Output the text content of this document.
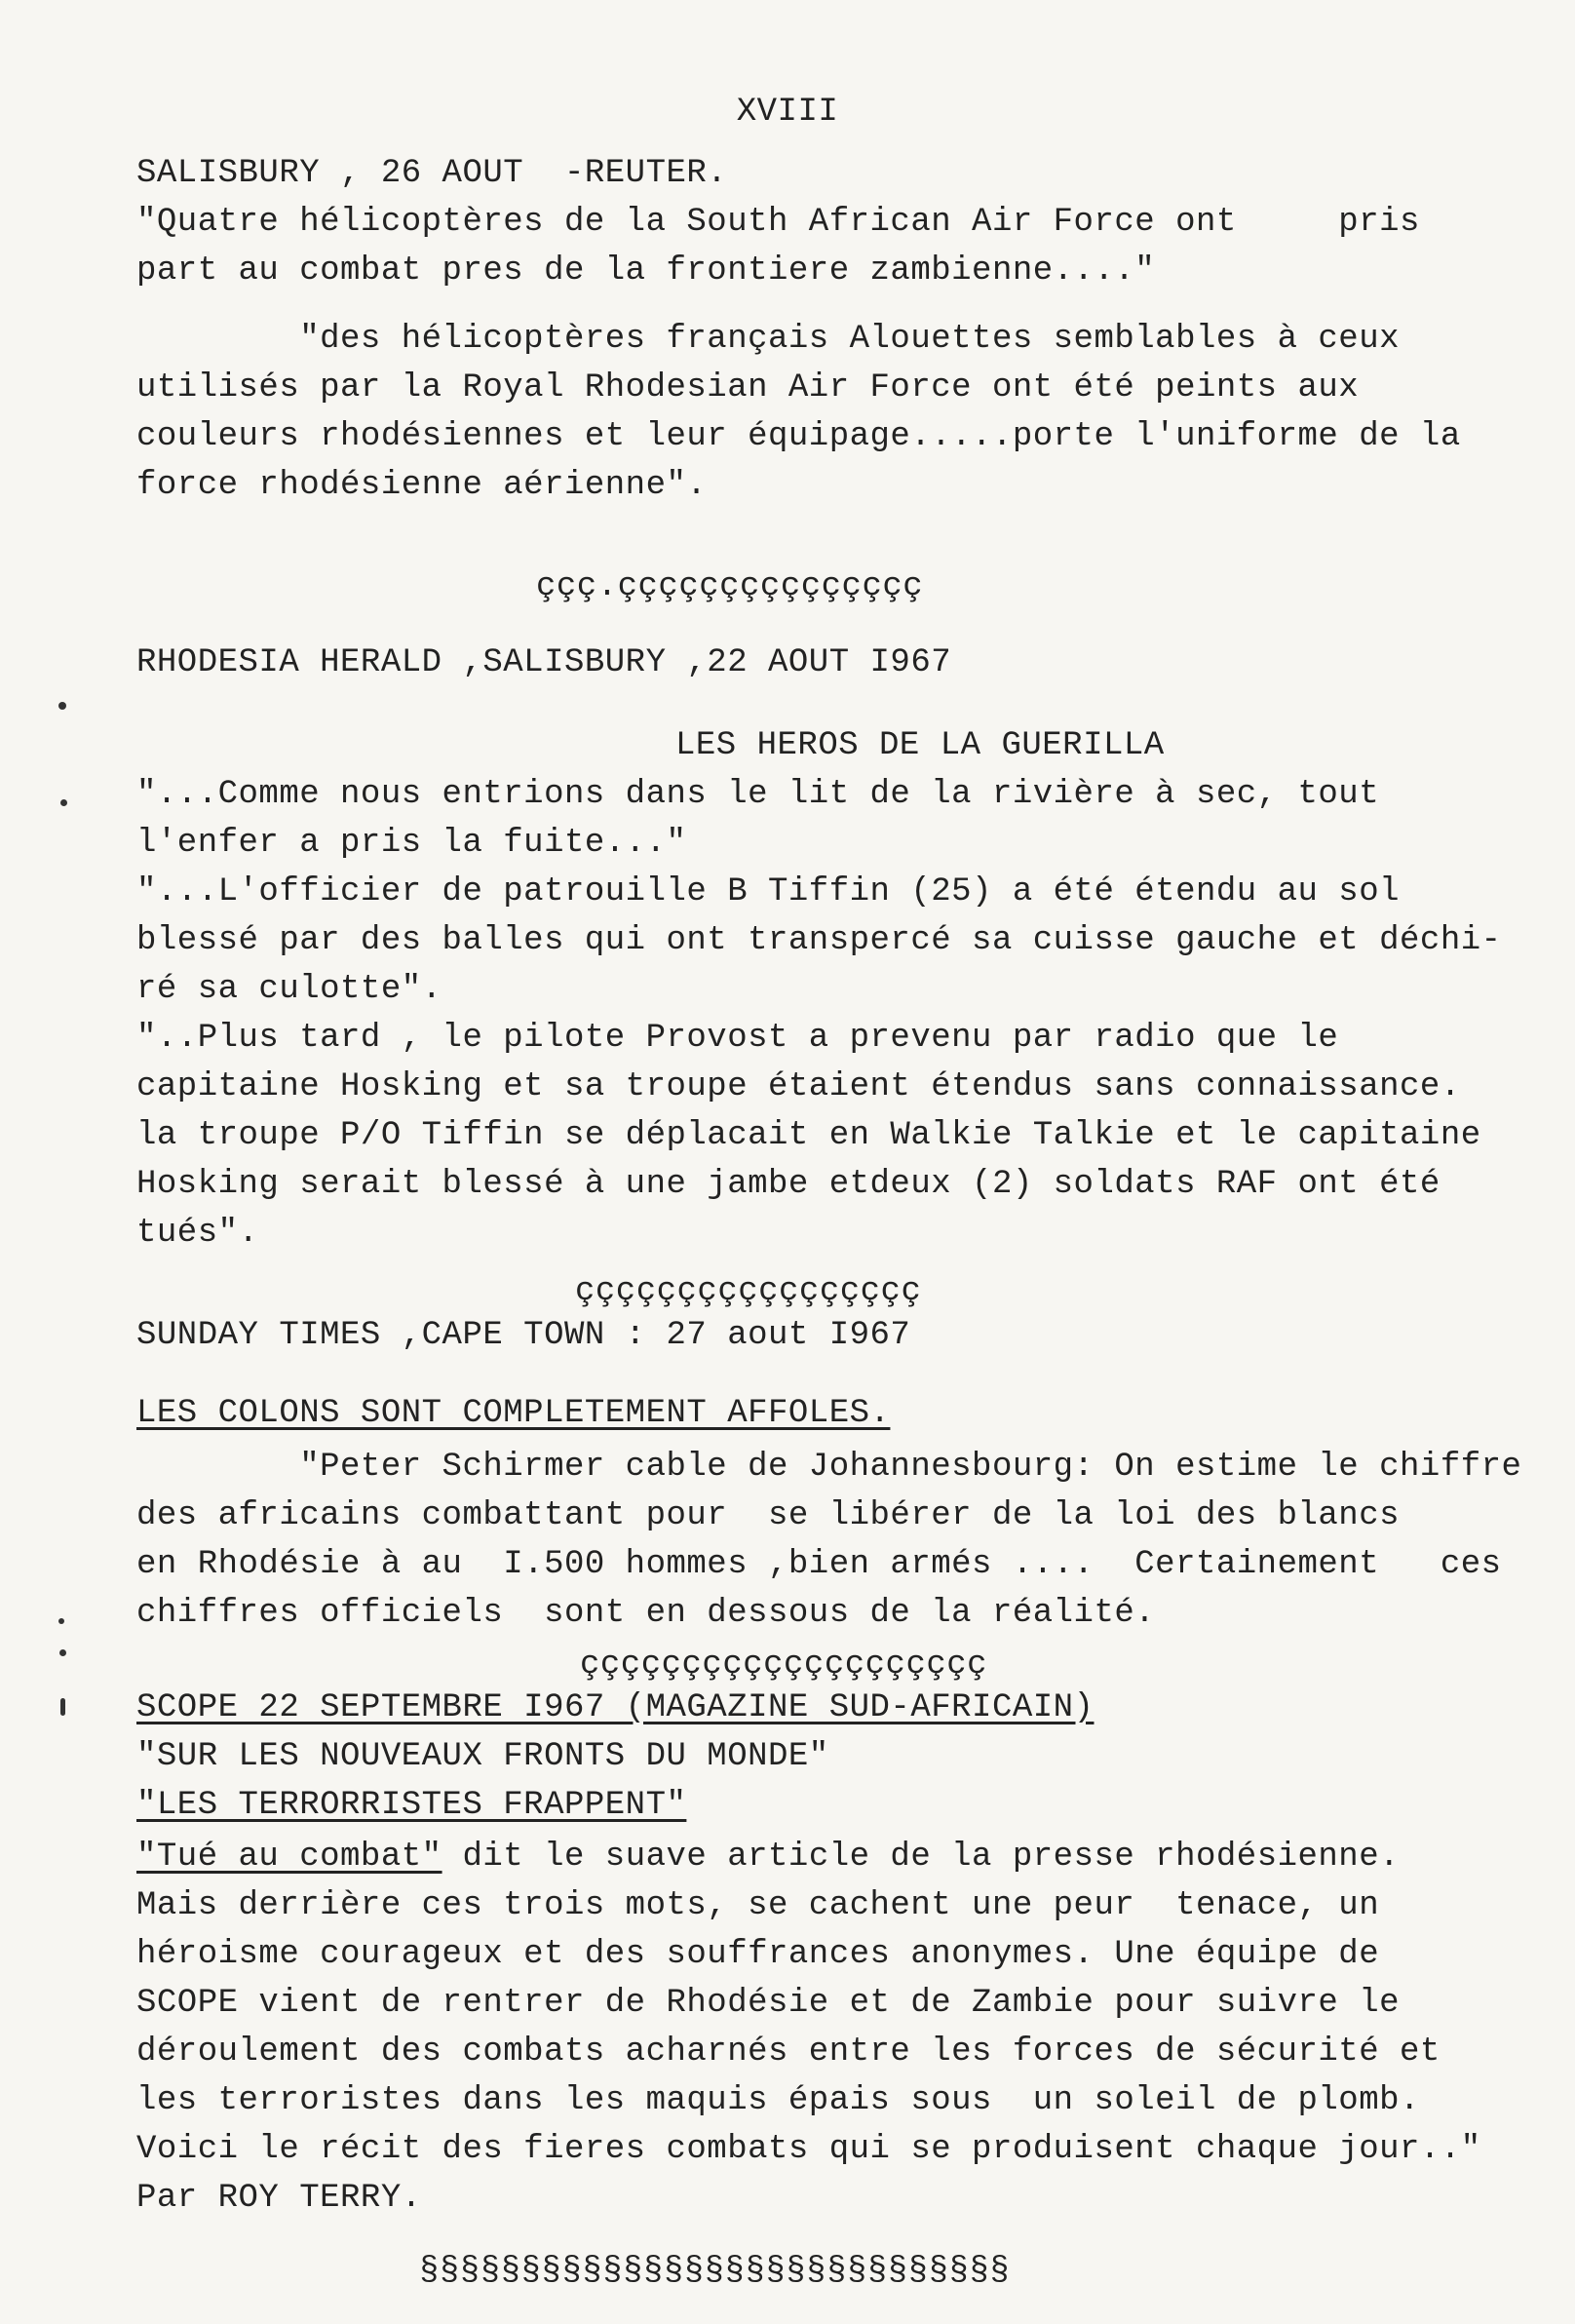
XVIII
SALISBURY , 26 AOUT  -REUTER.
"Quatre hélicoptères de la South African Air Force ont     pris
part au combat pres de la frontiere zambienne...."
"des hélicoptères français Alouettes semblables à ceux
utilisés par la Royal Rhodesian Air Force ont été peints aux
couleurs rhodésiennes et leur équipage.....porte l'uniforme de la
force rhodésienne aérienne".
ççç.ççççççççççççççç
RHODESIA HERALD ,SALISBURY ,22 AOUT I967
LES HEROS DE LA GUERILLA
"...Comme nous entrions dans le lit de la rivière à sec, tout
l'enfer a pris la fuite..."
"...L'officier de patrouille B Tiffin (25) a été étendu au sol
blessé par des balles qui ont transpercé sa cuisse gauche et déchi-
ré sa culotte".
"..Plus tard , le pilote Provost a prevenu par radio que le
capitaine Hosking et sa troupe étaient étendus sans connaissance.
la troupe P/O Tiffin se déplacait en Walkie Talkie et le capitaine
Hosking serait blessé à une jambe etdeux (2) soldats RAF ont été
tués".
ççççççççççççççççç
SUNDAY TIMES ,CAPE TOWN : 27 aout I967
LES COLONS SONT COMPLETEMENT AFFOLES.
"Peter Schirmer cable de Johannesbourg: On estime le chiffre
des africains combattant pour  se libérer de la loi des blancs
en Rhodésie à au  I.500 hommes ,bien armés ....  Certainement   ces
chiffres officiels  sont en dessous de la réalité.
çççççççççççççççççççç
SCOPE 22 SEPTEMBRE I967 (MAGAZINE SUD-AFRICAIN)
"SUR LES NOUVEAUX FRONTS DU MONDE"
"LES TERRORRISTES FRAPPENT"
"Tué au combat" dit le suave article de la presse rhodésienne.
Mais derrière ces trois mots, se cachent une peur  tenace, un
héroisme courageux et des souffrances anonymes. Une équipe de
SCOPE vient de rentrer de Rhodésie et de Zambie pour suivre le
déroulement des combats acharnés entre les forces de sécurité et
les terroristes dans les maquis épais sous  un soleil de plomb.
Voici le récit des fieres combats qui se produisent chaque jour.."
Par ROY TERRY.
§§§§§§§§§§§§§§§§§§§§§§§§§§§§§
